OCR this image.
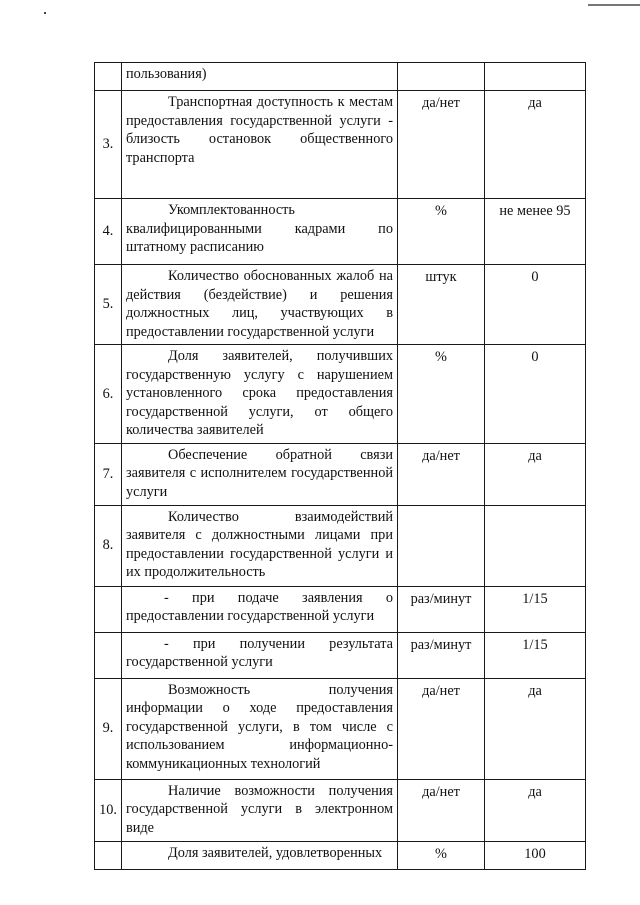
	пользования)		
3.	Транспортная доступность к местам предоставления государственной услуги - близость остановок общественного транспорта	да/нет	да
4.	Укомплектованность квалифицированными кадрами по штатному расписанию	%	не менее 95
5.	Количество обоснованных жалоб на действия (бездействие) и решения должностных лиц, участвующих в предоставлении государственной услуги	штук	0
6.	Доля заявителей, получивших государственную услугу с нарушением установленного срока предоставления государственной услуги, от общего количества заявителей	%	0
7.	Обеспечение обратной связи заявителя с исполнителем государственной услуги	да/нет	да
8.	Количество взаимодействий заявителя с должностными лицами при предоставлении государственной услуги и их продолжительность		
	- при подаче заявления о предоставлении государственной услуги	раз/минут	1/15
	- при получении результата государственной услуги	раз/минут	1/15
9.	Возможность получения информации о ходе предоставления государственной услуги, в том числе с использованием информационно-коммуникационных технологий	да/нет	да
10.	Наличие возможности получения государственной услуги в электронном виде	да/нет	да
	Доля заявителей, удовлетворенных	%	100
